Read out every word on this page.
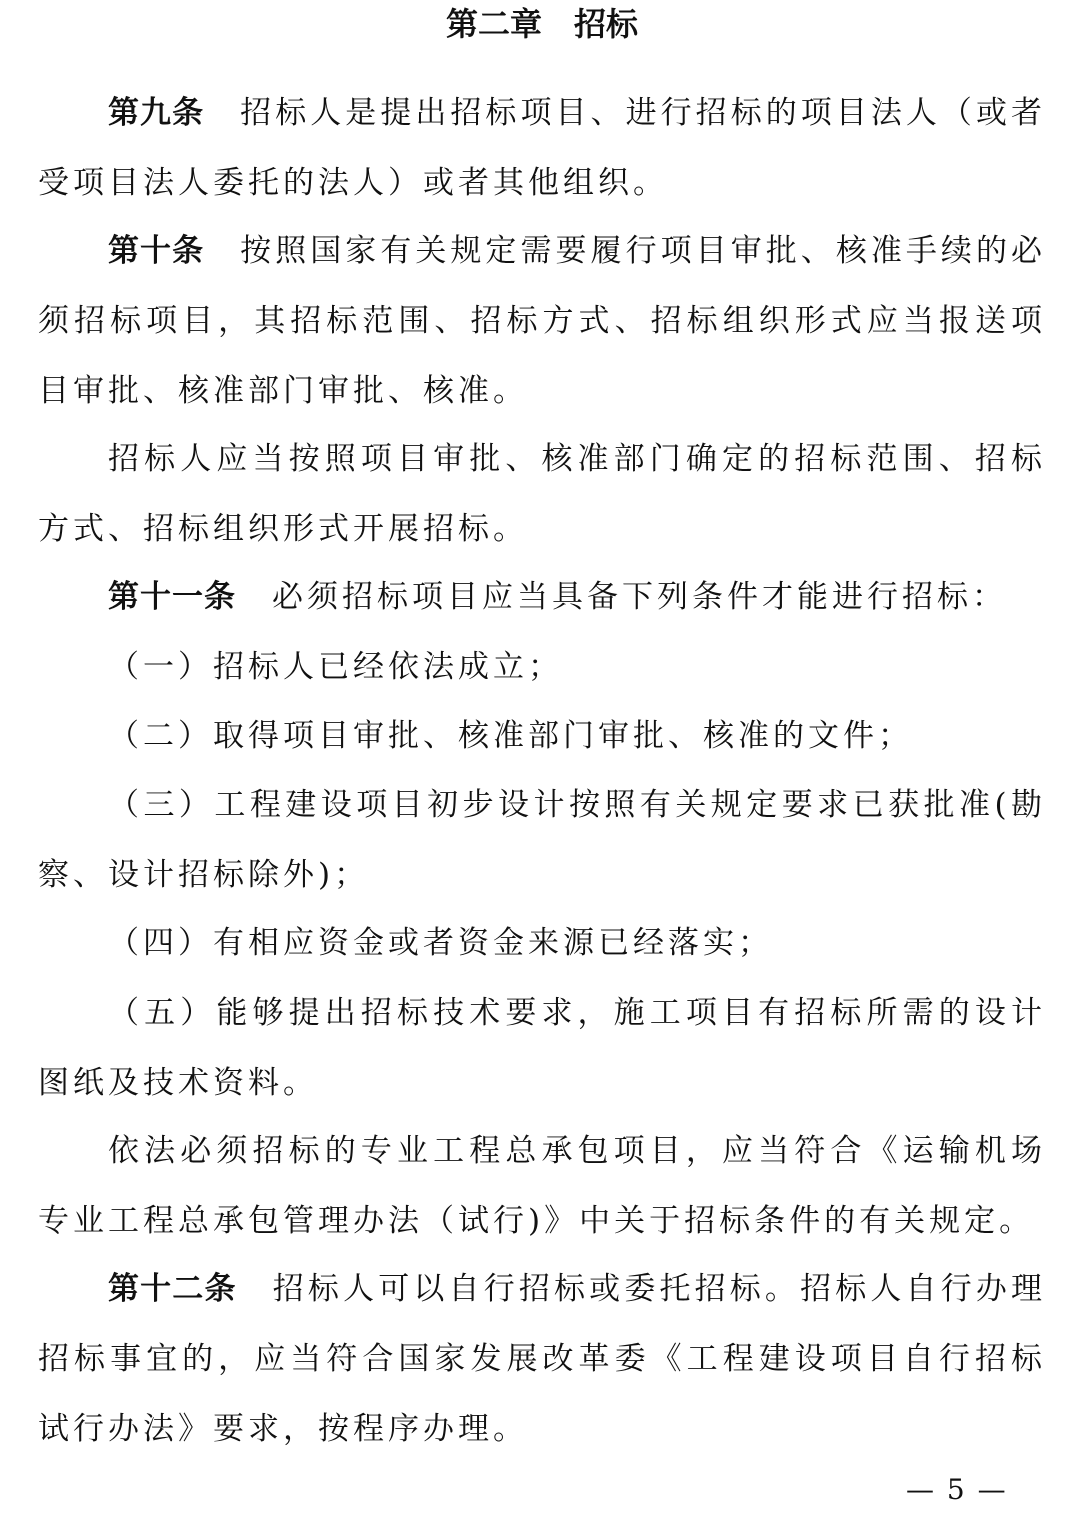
第二章　招标

第九条 招标人是提出招标项目、进行招标的项目法人（或者受项目法人委托的法人）或者其他组织。

第十条 按照国家有关规定需要履行项目审批、核准手续的必须招标项目，其招标范围、招标方式、招标组织形式应当报送项目审批、核准部门审批、核准。

招标人应当按照项目审批、核准部门确定的招标范围、招标方式、招标组织形式开展招标。

第十一条 必须招标项目应当具备下列条件才能进行招标：

（一）招标人已经依法成立；

（二）取得项目审批、核准部门审批、核准的文件；

（三）工程建设项目初步设计按照有关规定要求已获批准(勘察、设计招标除外)；

（四）有相应资金或者资金来源已经落实；

（五）能够提出招标技术要求，施工项目有招标所需的设计图纸及技术资料。

依法必须招标的专业工程总承包项目，应当符合《运输机场专业工程总承包管理办法（试行)》中关于招标条件的有关规定。

第十二条 招标人可以自行招标或委托招标。招标人自行办理招标事宜的，应当符合国家发展改革委《工程建设项目自行招标试行办法》要求，按程序办理。

— 5 —
